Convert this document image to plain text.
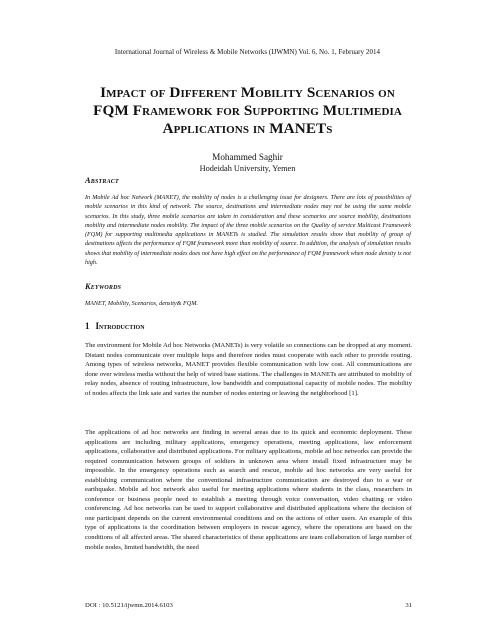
International Journal of Wireless & Mobile Networks (IJWMN) Vol. 6, No. 1, February 2014
Impact of Different Mobility Scenarios on
FQM Framework for Supporting Multimedia
Applications in MANETs
Mohammed Saghir
Hodeidah University, Yemen
Abstract
In Mobile Ad hoc Network (MANET), the mobility of nodes is a challenging issue for designers. There are lots of possibilities of mobile scenarios in this kind of network. The source, destinations and intermediate nodes may not be using the same mobile scenarios. In this study, three mobile scenarios are taken in consideration and these scenarios are source mobility, destinations mobility and intermediate nodes mobility. The impact of the three mobile scenarios on the Quality of service Multicast Framework (FQM) for supporting multimedia applications in MANETs is studied. The simulation results show that mobility of group of destinations affects the performance of FQM framework more than mobility of source. In addition, the analysis of simulation results shows that mobility of intermediate nodes does not have high effect on the performance of FQM framework when node density is not high.
Keywords
MANET, Mobility, Scenarios, density& FQM.
1 Introduction
The environment for Mobile Ad hoc Networks (MANETs) is very volatile so connections can be dropped at any moment. Distant nodes communicate over multiple hops and therefore nodes must cooperate with each other to provide routing. Among types of wireless networks, MANET provides flexible communication with low cost. All communications are done over wireless media without the help of wired base stations. The challenges in MANETs are attributed to mobility of relay nodes, absence of routing infrastructure, low bandwidth and computational capacity of mobile nodes. The mobility of nodes affects the link sate and varies the number of nodes entering or leaving the neighborhood [1].
The applications of ad hoc networks are finding in several areas due to its quick and economic deployment. These applications are including military applications, emergency operations, meeting applications, law enforcement applications, collaborative and distributed applications. For military applications, mobile ad hoc networks can provide the required communication between groups of soldiers in unknown area where install fixed infrastructure may be impossible. In the emergency operations such as search and rescue, mobile ad hoc networks are very useful for establishing communication where the conventional infrastructure communication are destroyed duo to a war or earthquake. Mobile ad hoc network also useful for meeting applications where students in the class, researchers in conference or business people need to establish a meeting through voice conversation, video chatting or video conferencing. Ad hoc networks can be used to support collaborative and distributed applications where the decision of one participant depends on the current environmental conditions and on the actions of other users. An example of this type of applications is the coordination between employers in rescue agency, where the operations are based on the conditions of all affected areas. The shared characteristics of these applications are team collaboration of large number of mobile nodes, limited bandwidth, the need
DOI : 10.5121/ijwmn.2014.6103	31
